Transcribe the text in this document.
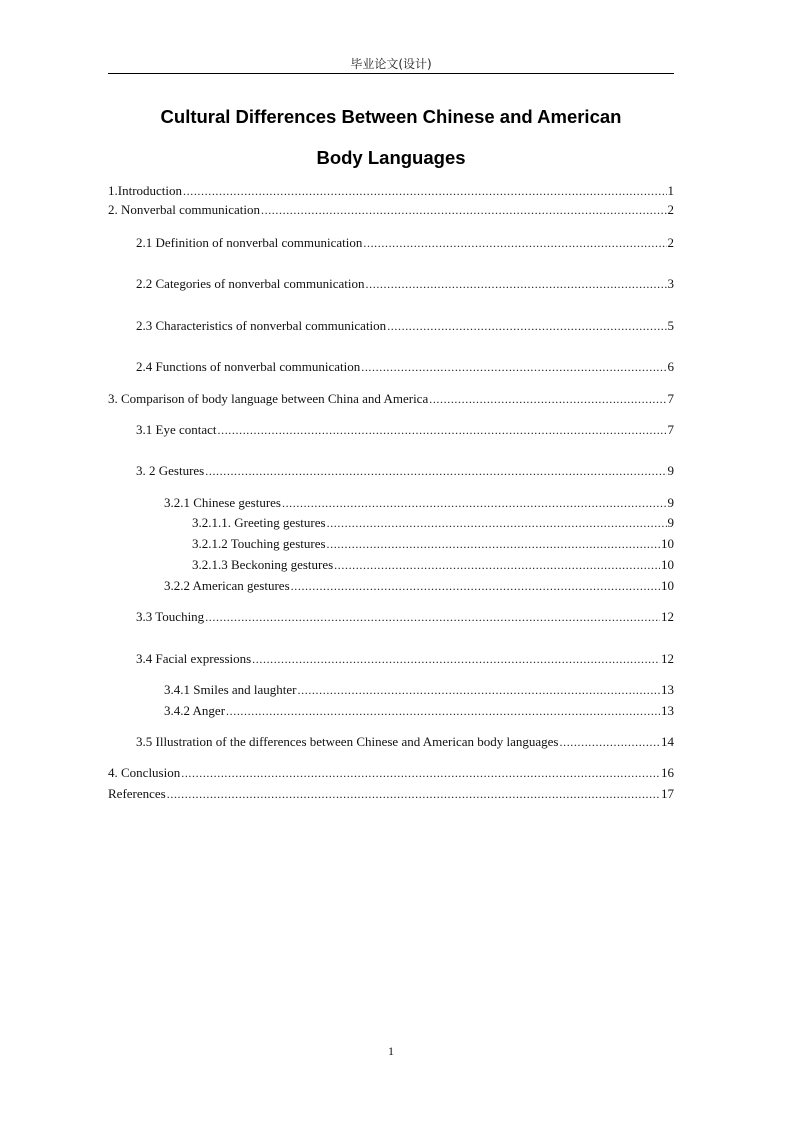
毕业论文(设计)
Cultural Differences Between Chinese and American
Body Languages
1.Introduction . . .	1
2. Nonverbal communication . . .	2
2.1 Definition of nonverbal communication . . .	2
2.2 Categories of nonverbal communication . . .	3
2.3 Characteristics of nonverbal communication . . .	5
2.4 Functions of nonverbal communication . . .	6
3. Comparison of body language between China and America . . .	7
3.1 Eye contact . . .	7
3. 2 Gestures . . .	9
3.2.1 Chinese gestures . . .	9
3.2.1.1. Greeting gestures . . .	9
3.2.1.2 Touching gestures . . .	10
3.2.1.3 Beckoning gestures . . .	10
3.2.2 American gestures . . .	10
3.3 Touching . . .	12
3.4 Facial expressions . . .	12
3.4.1 Smiles and laughter . . .	13
3.4.2 Anger . . .	13
3.5 Illustration of the differences between Chinese and American body languages . . .	14
4. Conclusion . . .	16
References . . .	17
1
